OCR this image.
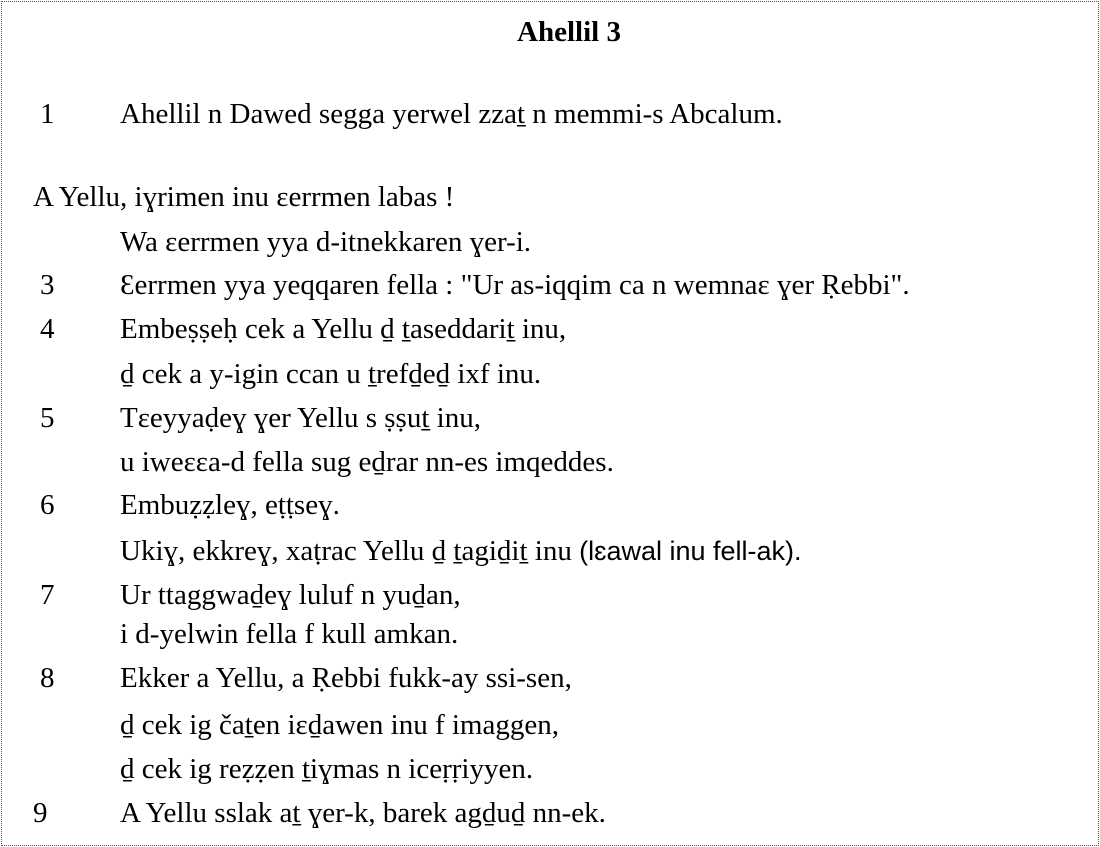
Ahellil 3
1 Ahellil n Dawed segga yerwel zzaṯ n memmi-s Abcalum.
A Yellu, iɣrimen inu ɛerrmen labas !
Wa ɛerrmen yya d-itnekkaren ɣer-i.
3 Ɛerrmen yya yeqqaren fella : "Ur as-iqqim ca n wemnaɛ ɣer Ṛebbi".
4 Embeṣṣeḥ cek a Yellu ḏ ṯaseddariṯ inu,
ḏ cek a y-igin ccan u ṯrefḏeḏ ixf inu.
5 Tɛeyyaḍeɣ ɣer Yellu s ṣṣuṯ inu,
u iweɛɛa-d fella sug eḏrar nn-es imqeddes.
6 Embuẓẓleɣ, eṭṭseɣ.
Ukiɣ, ekkreɣ, xaṭrac Yellu ḏ ṯagiḏiṯ inu (lɛawal inu fell-ak).
7 Ur ttaggwaḏeɣ luluf n yuḏan,
i d-yelwin fella f kull amkan.
8 Ekker a Yellu, a Ṛebbi fukk-ay ssi-sen,
ḏ cek ig čaṯen iɛḏawen inu f imaggen,
ḏ cek ig reẓẓen ṯiɣmas n iceṛṛiyyen.
9	A Yellu sslak aṯ ɣer-k, barek agḏuḏ nn-ek.
